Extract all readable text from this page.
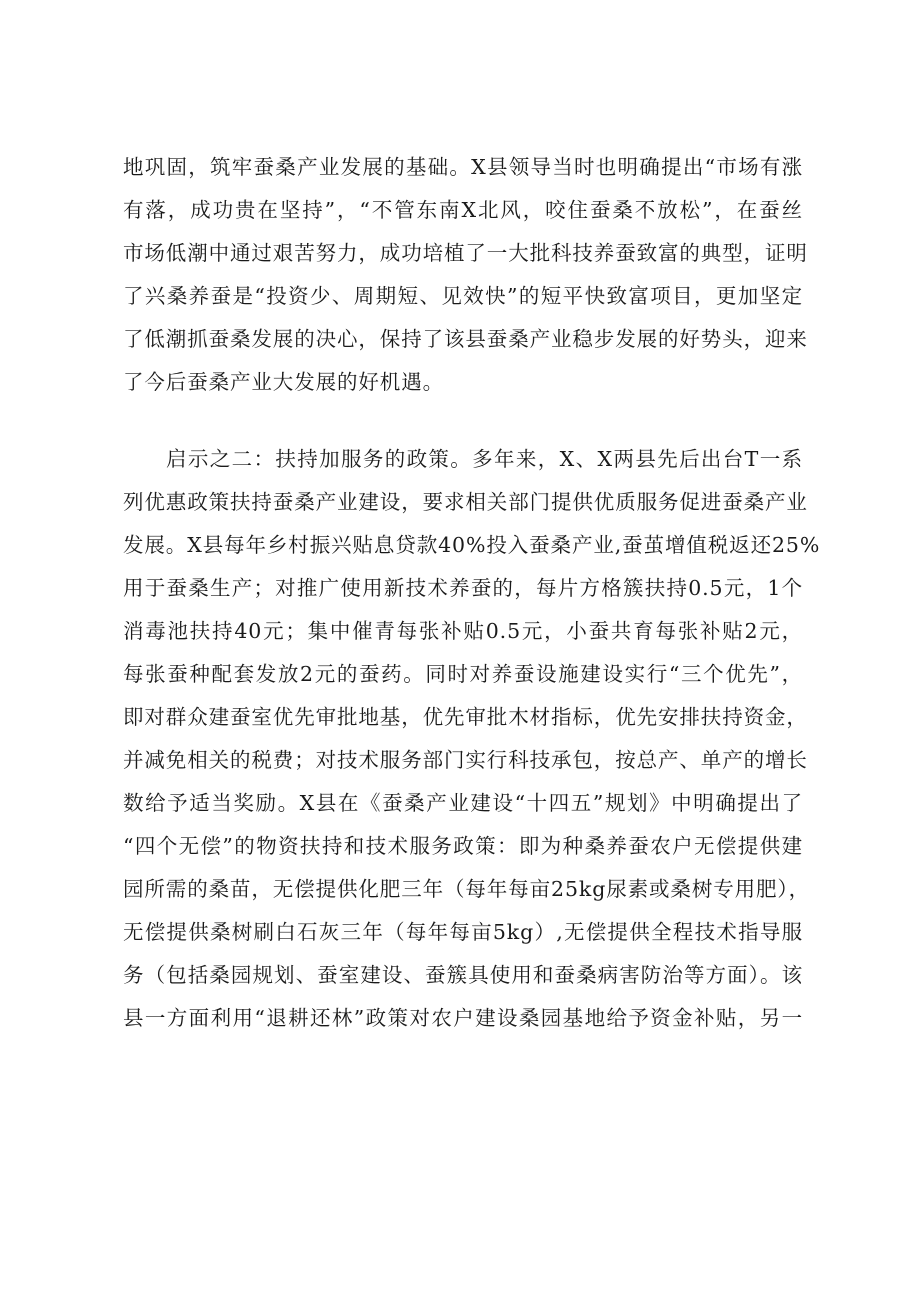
地巩固，筑牢蚕桑产业发展的基础。X县领导当时也明确提出“市场有涨
有落，成功贵在坚持”，“不管东南X北风，咬住蚕桑不放松”，在蚕丝
市场低潮中通过艰苦努力，成功培植了一大批科技养蚕致富的典型，证明
了兴桑养蚕是“投资少、周期短、见效快”的短平快致富项目，更加坚定
了低潮抓蚕桑发展的决心，保持了该县蚕桑产业稳步发展的好势头，迎来
了今后蚕桑产业大发展的好机遇。
启示之二：扶持加服务的政策。多年来，X、X两县先后出台T一系
列优惠政策扶持蚕桑产业建设，要求相关部门提供优质服务促进蚕桑产业
发展。X县每年乡村振兴贴息贷款40%投入蚕桑产业,蚕茧增值税返还25%
用于蚕桑生产；对推广使用新技术养蚕的，每片方格簇扶持0.5元，1个
消毒池扶持40元；集中催青每张补贴0.5元，小蚕共育每张补贴2元，
每张蚕种配套发放2元的蚕药。同时对养蚕设施建设实行“三个优先”，
即对群众建蚕室优先审批地基，优先审批木材指标，优先安排扶持资金，
并减免相关的税费；对技术服务部门实行科技承包，按总产、单产的增长
数给予适当奖励。X县在《蚕桑产业建设“十四五”规划》中明确提出了
“四个无偿”的物资扶持和技术服务政策：即为种桑养蚕农户无偿提供建
园所需的桑苗，无偿提供化肥三年（每年每亩25kg尿素或桑树专用肥），
无偿提供桑树刷白石灰三年（每年每亩5kg）,无偿提供全程技术指导服
务（包括桑园规划、蚕室建设、蚕簇具使用和蚕桑病害防治等方面）。该
县一方面利用“退耕还林”政策对农户建设桑园基地给予资金补贴，另一
